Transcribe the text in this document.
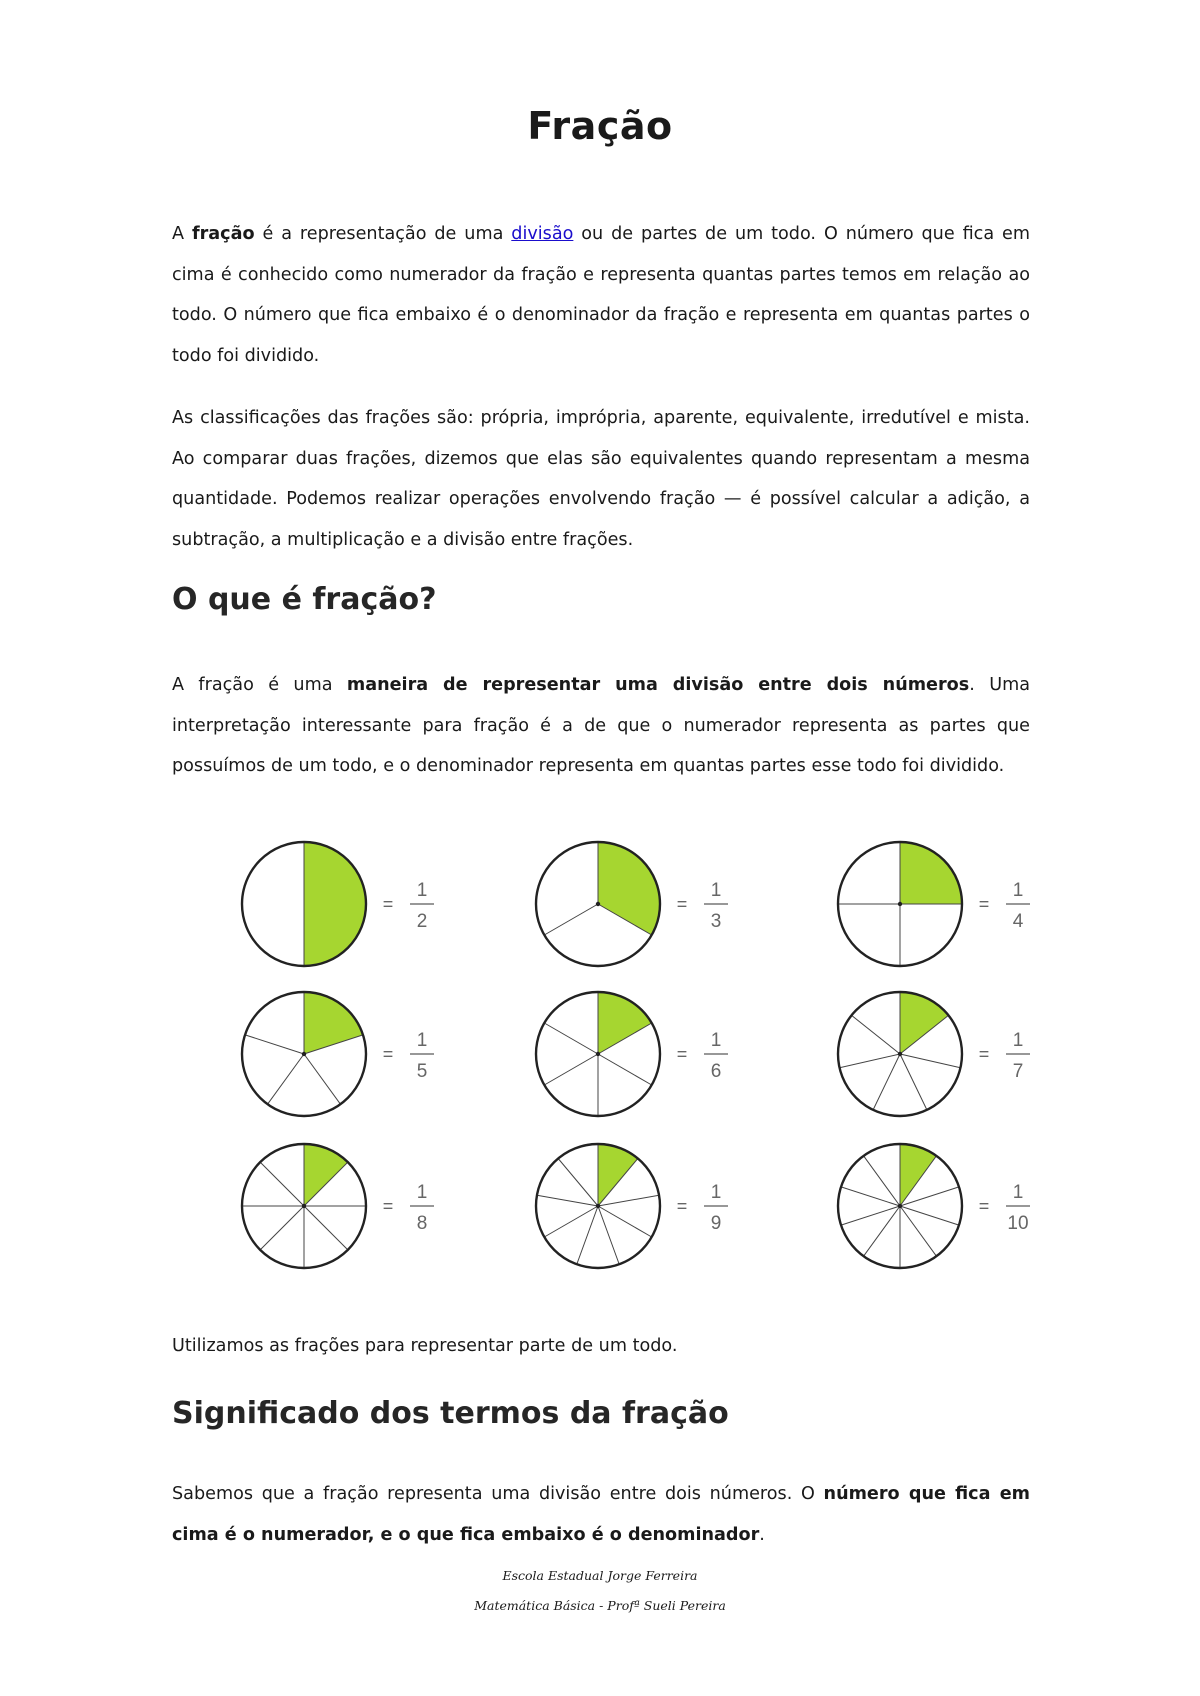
Fração

A fração é a representação de uma divisão ou de partes de um todo. O número que fica em cima é conhecido como numerador da fração e representa quantas partes temos em relação ao todo. O número que fica embaixo é o denominador da fração e representa em quantas partes o todo foi dividido.

As classificações das frações são: própria, imprópria, aparente, equivalente, irredutível e mista. Ao comparar duas frações, dizemos que elas são equivalentes quando representam a mesma quantidade. Podemos realizar operações envolvendo fração — é possível calcular a adição, a subtração, a multiplicação e a divisão entre frações.

O que é fração?

A fração é uma maneira de representar uma divisão entre dois números. Uma interpretação interessante para fração é a de que o numerador representa as partes que possuímos de um todo, e o denominador representa em quantas partes esse todo foi dividido.

=
1
2
=
1
3
=
1
4
=
1
5
=
1
6
=
1
7
=
1
8
=
1
9
=
1
10

Utilizamos as frações para representar parte de um todo.

Significado dos termos da fração

Sabemos que a fração representa uma divisão entre dois números. O número que fica em cima é o numerador, e o que fica embaixo é o denominador.

Escola Estadual Jorge Ferreira
Matemática Básica - Profª Sueli Pereira
